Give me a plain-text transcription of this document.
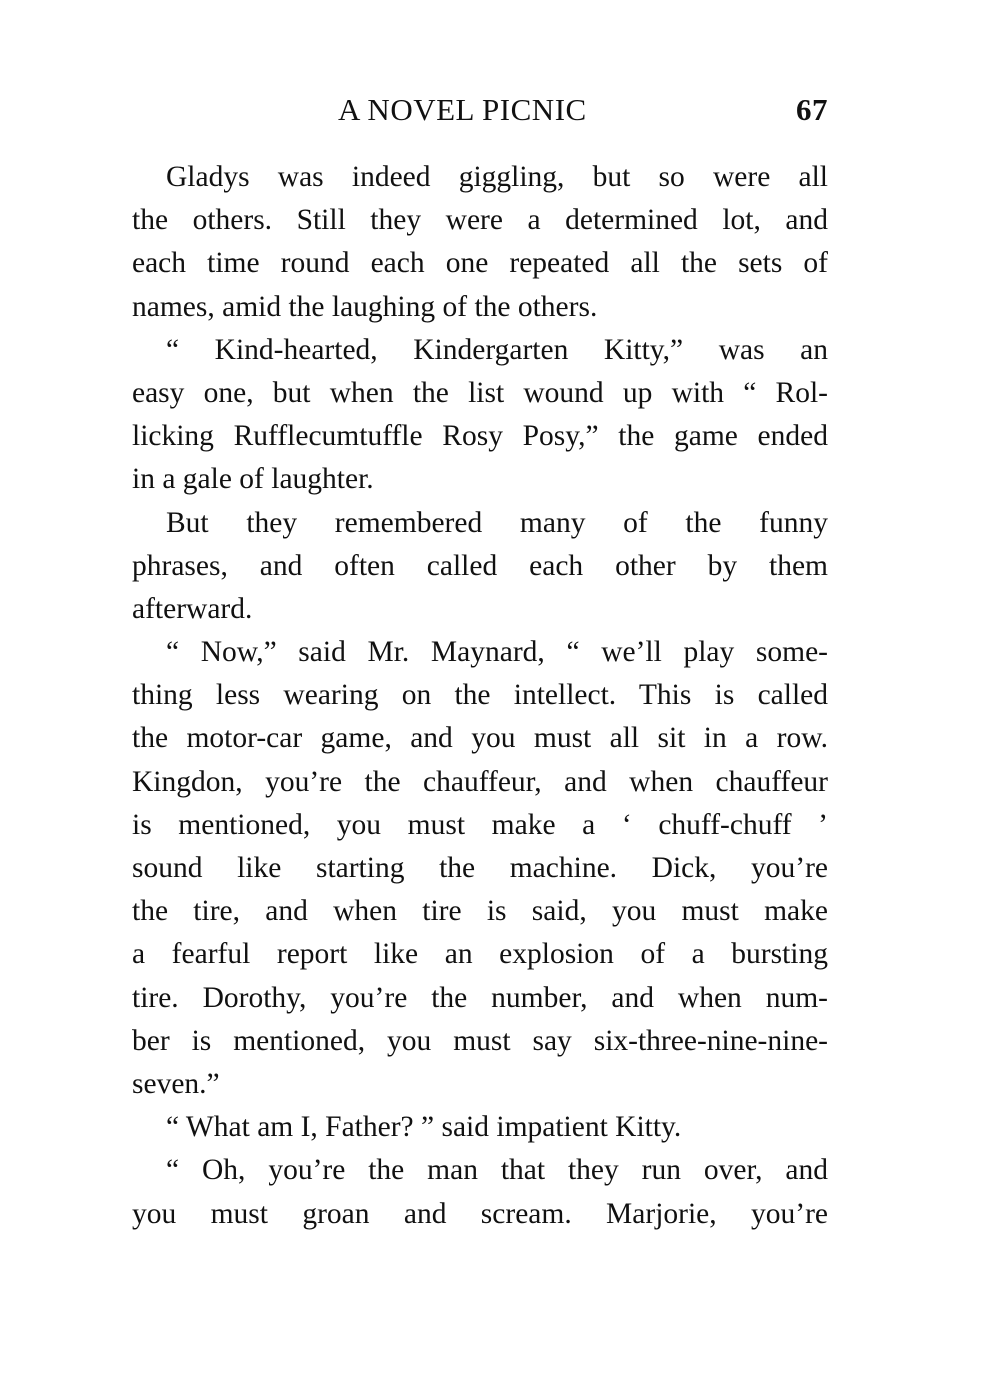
A NOVEL PICNIC	67
Gladys was indeed giggling, but so were all
the others. Still they were a determined lot, and
each time round each one repeated all the sets of
names, amid the laughing of the others.
“ Kind-hearted, Kindergarten Kitty,” was an
easy one, but when the list wound up with “ Rol-
licking Rufflecumtuffle Rosy Posy,” the game ended
in a gale of laughter.
But they remembered many of the funny
phrases, and often called each other by them
afterward.
“ Now,” said Mr. Maynard, “ we’ll play some-
thing less wearing on the intellect. This is called
the motor-car game, and you must all sit in a row.
Kingdon, you’re the chauffeur, and when chauffeur
is mentioned, you must make a ‘ chuff-chuff ’
sound like starting the machine. Dick, you’re
the tire, and when tire is said, you must make
a fearful report like an explosion of a bursting
tire. Dorothy, you’re the number, and when num-
ber is mentioned, you must say six-three-nine-nine-
seven.”
“ What am I, Father? ” said impatient Kitty.
“ Oh, you’re the man that they run over, and
you must groan and scream. Marjorie, you’re
